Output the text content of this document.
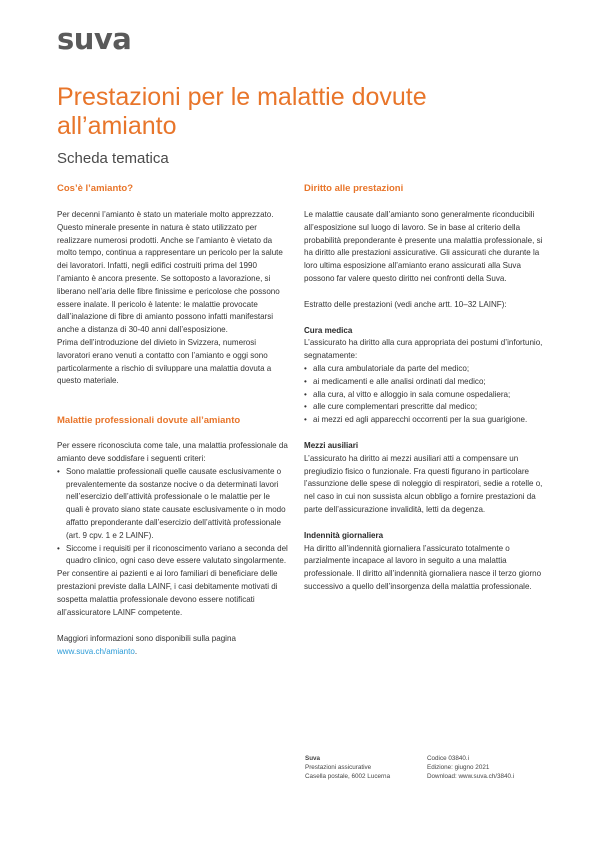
suva
Prestazioni per le malattie dovute all’amianto
Scheda tematica
Cos’è l’amianto?

Per decenni l’amianto è stato un materiale molto apprezzato. Questo minerale presente in natura è stato utilizzato per realizzare numerosi prodotti. Anche se l’amianto è vietato da molto tempo, continua a rappresentare un pericolo per la salute dei lavoratori. Infatti, negli edifici costruiti prima del 1990 l’amianto è ancora presente. Se sottoposto a lavorazione, si liberano nell’aria delle fibre finissime e pericolose che possono essere inalate. Il pericolo è latente: le malattie provocate dall’inalazione di fibre di amianto possono infatti manifestarsi anche a distanza di 30-40 anni dall’esposizione.

Prima dell’introduzione del divieto in Svizzera, numerosi lavoratori erano venuti a contatto con l’amianto e oggi sono particolarmente a rischio di sviluppare una malattia dovuta a questo materiale.

Malattie professionali dovute all’amianto

Per essere riconosciuta come tale, una malattia professionale da amianto deve soddisfare i seguenti criteri:

• Sono malattie professionali quelle causate esclusivamente o prevalentemente da sostanze nocive o da determinati lavori nell’esercizio dell’attività professionale o le malattie per le quali è provato siano state causate esclusivamente o in modo affatto preponderante dall’esercizio dell’attività professionale (art. 9 cpv. 1 e 2 LAINF).
• Siccome i requisiti per il riconoscimento variano a seconda del quadro clinico, ogni caso deve essere valutato singolarmente.

Per consentire ai pazienti e ai loro familiari di beneficiare delle prestazioni previste dalla LAINF, i casi debitamente motivati di sospetta malattia professionale devono essere notificati all’assicuratore LAINF competente.

Maggiori informazioni sono disponibili sulla pagina
www.suva.ch/amianto.

Diritto alle prestazioni

Le malattie causate dall’amianto sono generalmente riconducibili all’esposizione sul luogo di lavoro. Se in base al criterio della probabilità preponderante è presente una malattia professionale, si ha diritto alle prestazioni assicurative. Gli assicurati che durante la loro ultima esposizione all’amianto erano assicurati alla Suva possono far valere questo diritto nei confronti della Suva.

Estratto delle prestazioni (vedi anche artt. 10–32 LAINF):

Cura medica

L’assicurato ha diritto alla cura appropriata dei postumi d’infortunio, segnatamente:

• alla cura ambulatoriale da parte del medico;
• ai medicamenti e alle analisi ordinati dal medico;
• alla cura, al vitto e alloggio in sala comune ospedaliera;
• alle cure complementari prescritte dal medico;
• ai mezzi ed agli apparecchi occorrenti per la sua guarigione.

Mezzi ausiliari

L’assicurato ha diritto ai mezzi ausiliari atti a compensare un pregiudizio fisico o funzionale. Fra questi figurano in particolare l’assunzione delle spese di noleggio di respiratori, sedie a rotelle o, nel caso in cui non sussista alcun obbligo a fornire prestazioni da parte dell’assicurazione invalidità, letti da degenza.

Indennità giornaliera

Ha diritto all’indennità giornaliera l’assicurato totalmente o parzialmente incapace al lavoro in seguito a una malattia professionale. Il diritto all’indennità giornaliera nasce il terzo giorno successivo a quello dell’insorgenza della malattia professionale.

Suva
Prestazioni assicurative
Casella postale, 6002 Lucerna
Codice 03840.i
Edizione: giugno 2021
Download: www.suva.ch/3840.i
